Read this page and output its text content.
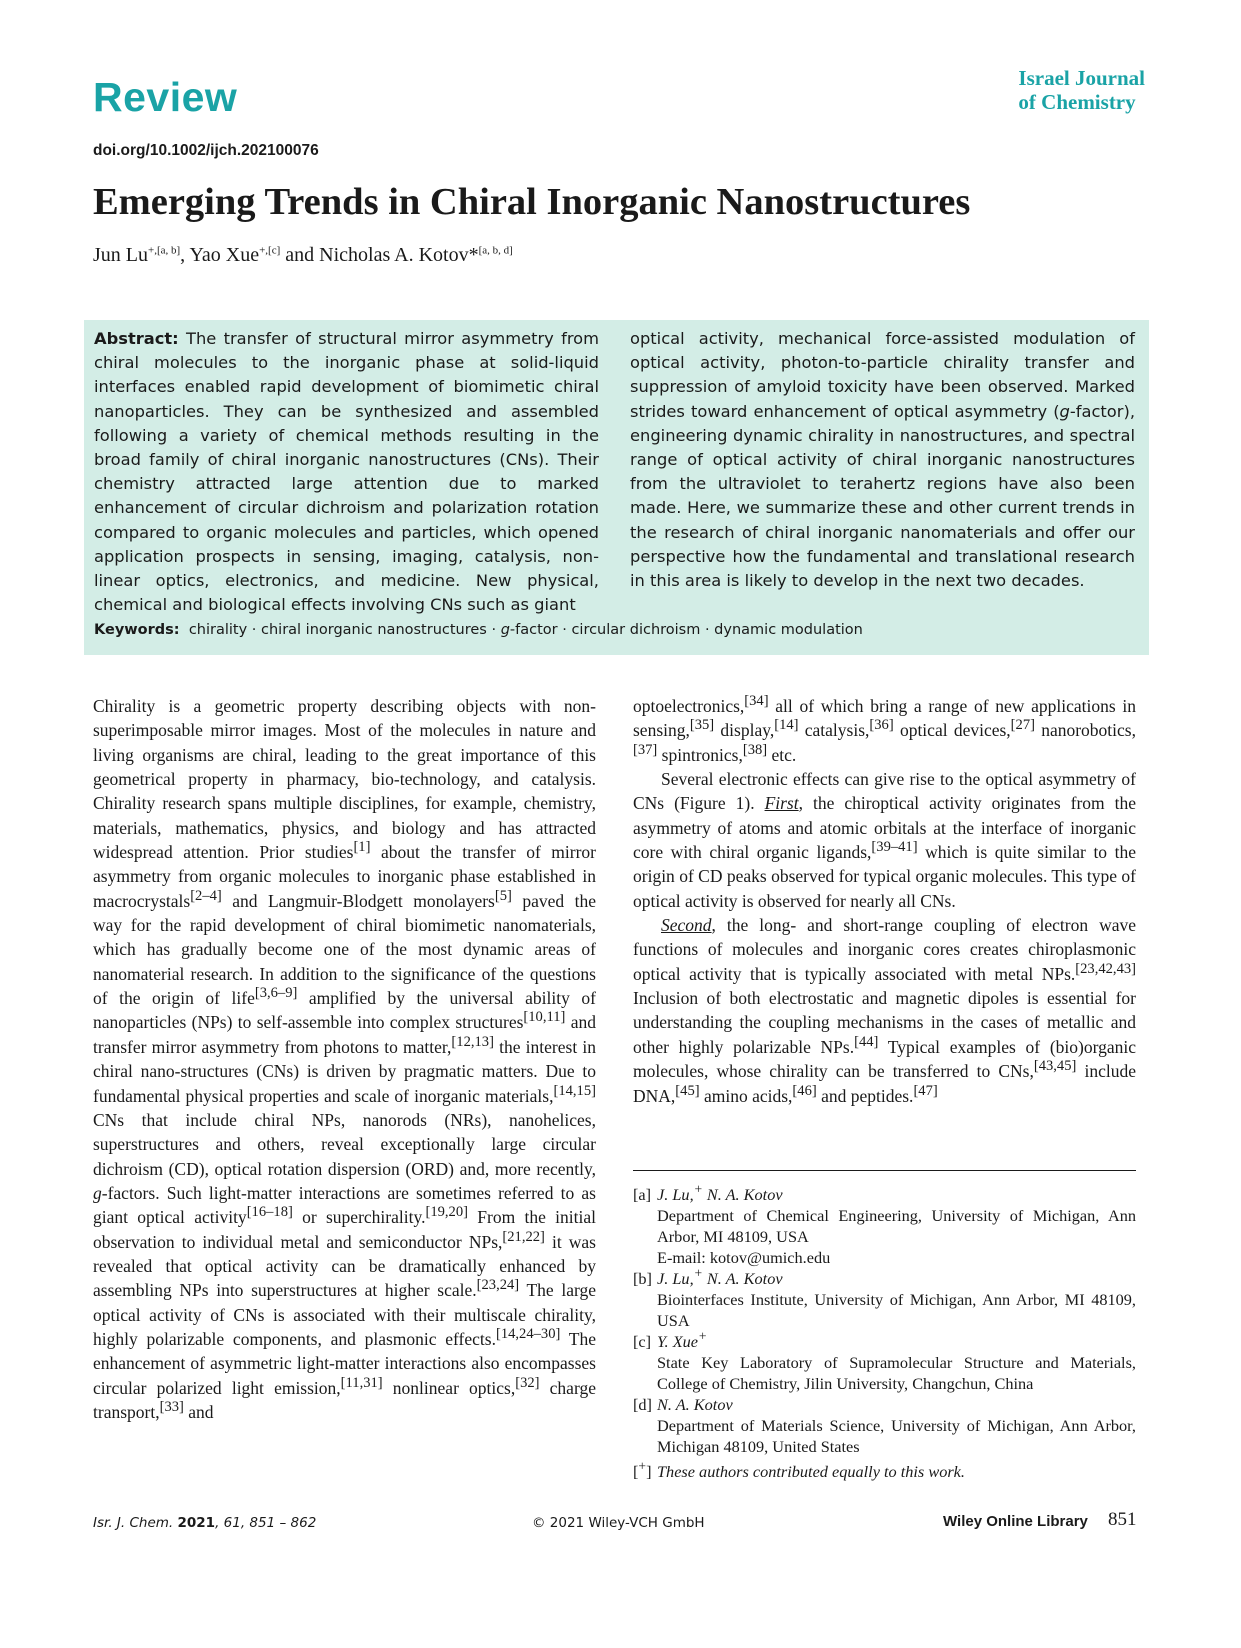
Review	Israel Journal
of Chemistry
doi.org/10.1002/ijch.202100076
Emerging Trends in Chiral Inorganic Nanostructures
Jun $Lu^{+,[a, b]}$, Yao Xue$^{+,[c]}$ and Nicholas A. Kotov*[a, b, d]
Abstract: The transfer of structural mirror asymmetry from chiral molecules to the inorganic phase at solid-liquid interfaces enabled rapid development of biomimetic chiral nanoparticles. They can be synthesized and assembled following a variety of chemical methods resulting in the broad family of chiral inorganic nanostructures (CNs). Their chemistry attracted large attention due to marked enhancement of circular dichroism and polarization rotation compared to organic molecules and particles, which opened application prospects in sensing, imaging, catalysis, non-linear optics, electronics, and medicine. New physical, chemical and biological effects involving CNs such as giant
optical activity, mechanical force-assisted modulation of optical activity, photon-to-particle chirality transfer and suppression of amyloid toxicity have been observed. Marked strides toward enhancement of optical asymmetry (g-factor), engineering dynamic chirality in nanostructures, and spectral range of optical activity of chiral inorganic nanostructures from the ultraviolet to terahertz regions have also been made. Here, we summarize these and other current trends in the research of chiral inorganic nanomaterials and offer our perspective how the fundamental and translational research in this area is likely to develop in the next two decades.
Keywords: chirality · chiral inorganic nanostructures · g-factor · circular dichroism · dynamic modulation

Chirality is a geometric property describing objects with non-superimposable mirror images. Most of the molecules in nature and living organisms are chiral, leading to the great importance of this geometrical property in pharmacy, bio-technology, and catalysis. Chirality research spans multiple disciplines, for example, chemistry, materials, mathematics, physics, and biology and has attracted widespread attention. Prior studies[1] about the transfer of mirror asymmetry from organic molecules to inorganic phase established in macrocrystals[2–4] and Langmuir-Blodgett monolayers[5] paved the way for the rapid development of chiral biomimetic nanomaterials, which has gradually become one of the most dynamic areas of nanomaterial research. In addition to the significance of the questions of the origin of life[3,6–9] amplified by the universal ability of nanoparticles (NPs) to self-assemble into complex structures[10,11] and transfer mirror asymmetry from photons to matter,[12,13] the interest in chiral nano-structures (CNs) is driven by pragmatic matters. Due to fundamental physical properties and scale of inorganic materials,[14,15] CNs that include chiral NPs, nanorods (NRs), nanohelices, superstructures and others, reveal exceptionally large circular dichroism (CD), optical rotation dispersion (ORD) and, more recently, g-factors. Such light-matter interactions are sometimes referred to as giant optical activity[16–18] or superchirality.[19,20] From the initial observation to individual metal and semiconductor NPs,[21,22] it was revealed that optical activity can be dramatically enhanced by assembling NPs into superstructures at higher scale.[23,24] The large optical activity of CNs is associated with their multiscale chirality, highly polarizable components, and plasmonic effects.[14,24–30] The enhancement of asymmetric light-matter interactions also encompasses circular polarized light emission,[11,31] nonlinear optics,[32] charge transport,[33] and

optoelectronics,[34] all of which bring a range of new applications in sensing,[35] display,[14] catalysis,[36] optical devices,[27] nanorobotics,[37] spintronics,[38] etc.

Several electronic effects can give rise to the optical asymmetry of CNs (Figure 1). First, the chiroptical activity originates from the asymmetry of atoms and atomic orbitals at the interface of inorganic core with chiral organic ligands,[39–41] which is quite similar to the origin of CD peaks observed for typical organic molecules. This type of optical activity is observed for nearly all CNs.

Second, the long- and short-range coupling of electron wave functions of molecules and inorganic cores creates chiroplasmonic optical activity that is typically associated with metal NPs.[23,42,43] Inclusion of both electrostatic and magnetic dipoles is essential for understanding the coupling mechanisms in the cases of metallic and other highly polarizable NPs.[44] Typical examples of (bio)organic molecules, whose chirality can be transferred to CNs,[43,45] include DNA,[45] amino acids,[46] and peptides.[47]

[a] J. Lu,+ N. A. Kotov
Department of Chemical Engineering, University of Michigan, Ann Arbor, MI 48109, USA
E-mail: kotov@umich.edu
[b] J. Lu,+ N. A. Kotov
Biointerfaces Institute, University of Michigan, Ann Arbor, MI 48109, USA
[c] Y. Xue+
State Key Laboratory of Supramolecular Structure and Materials, College of Chemistry, Jilin University, Changchun, China
[d] N. A. Kotov
Department of Materials Science, University of Michigan, Ann Arbor, Michigan 48109, United States
[+] These authors contributed equally to this work.
Isr. J. Chem. 2021, 61, 851 – 862	© 2021 Wiley-VCH GmbH	Wiley Online Library 851
